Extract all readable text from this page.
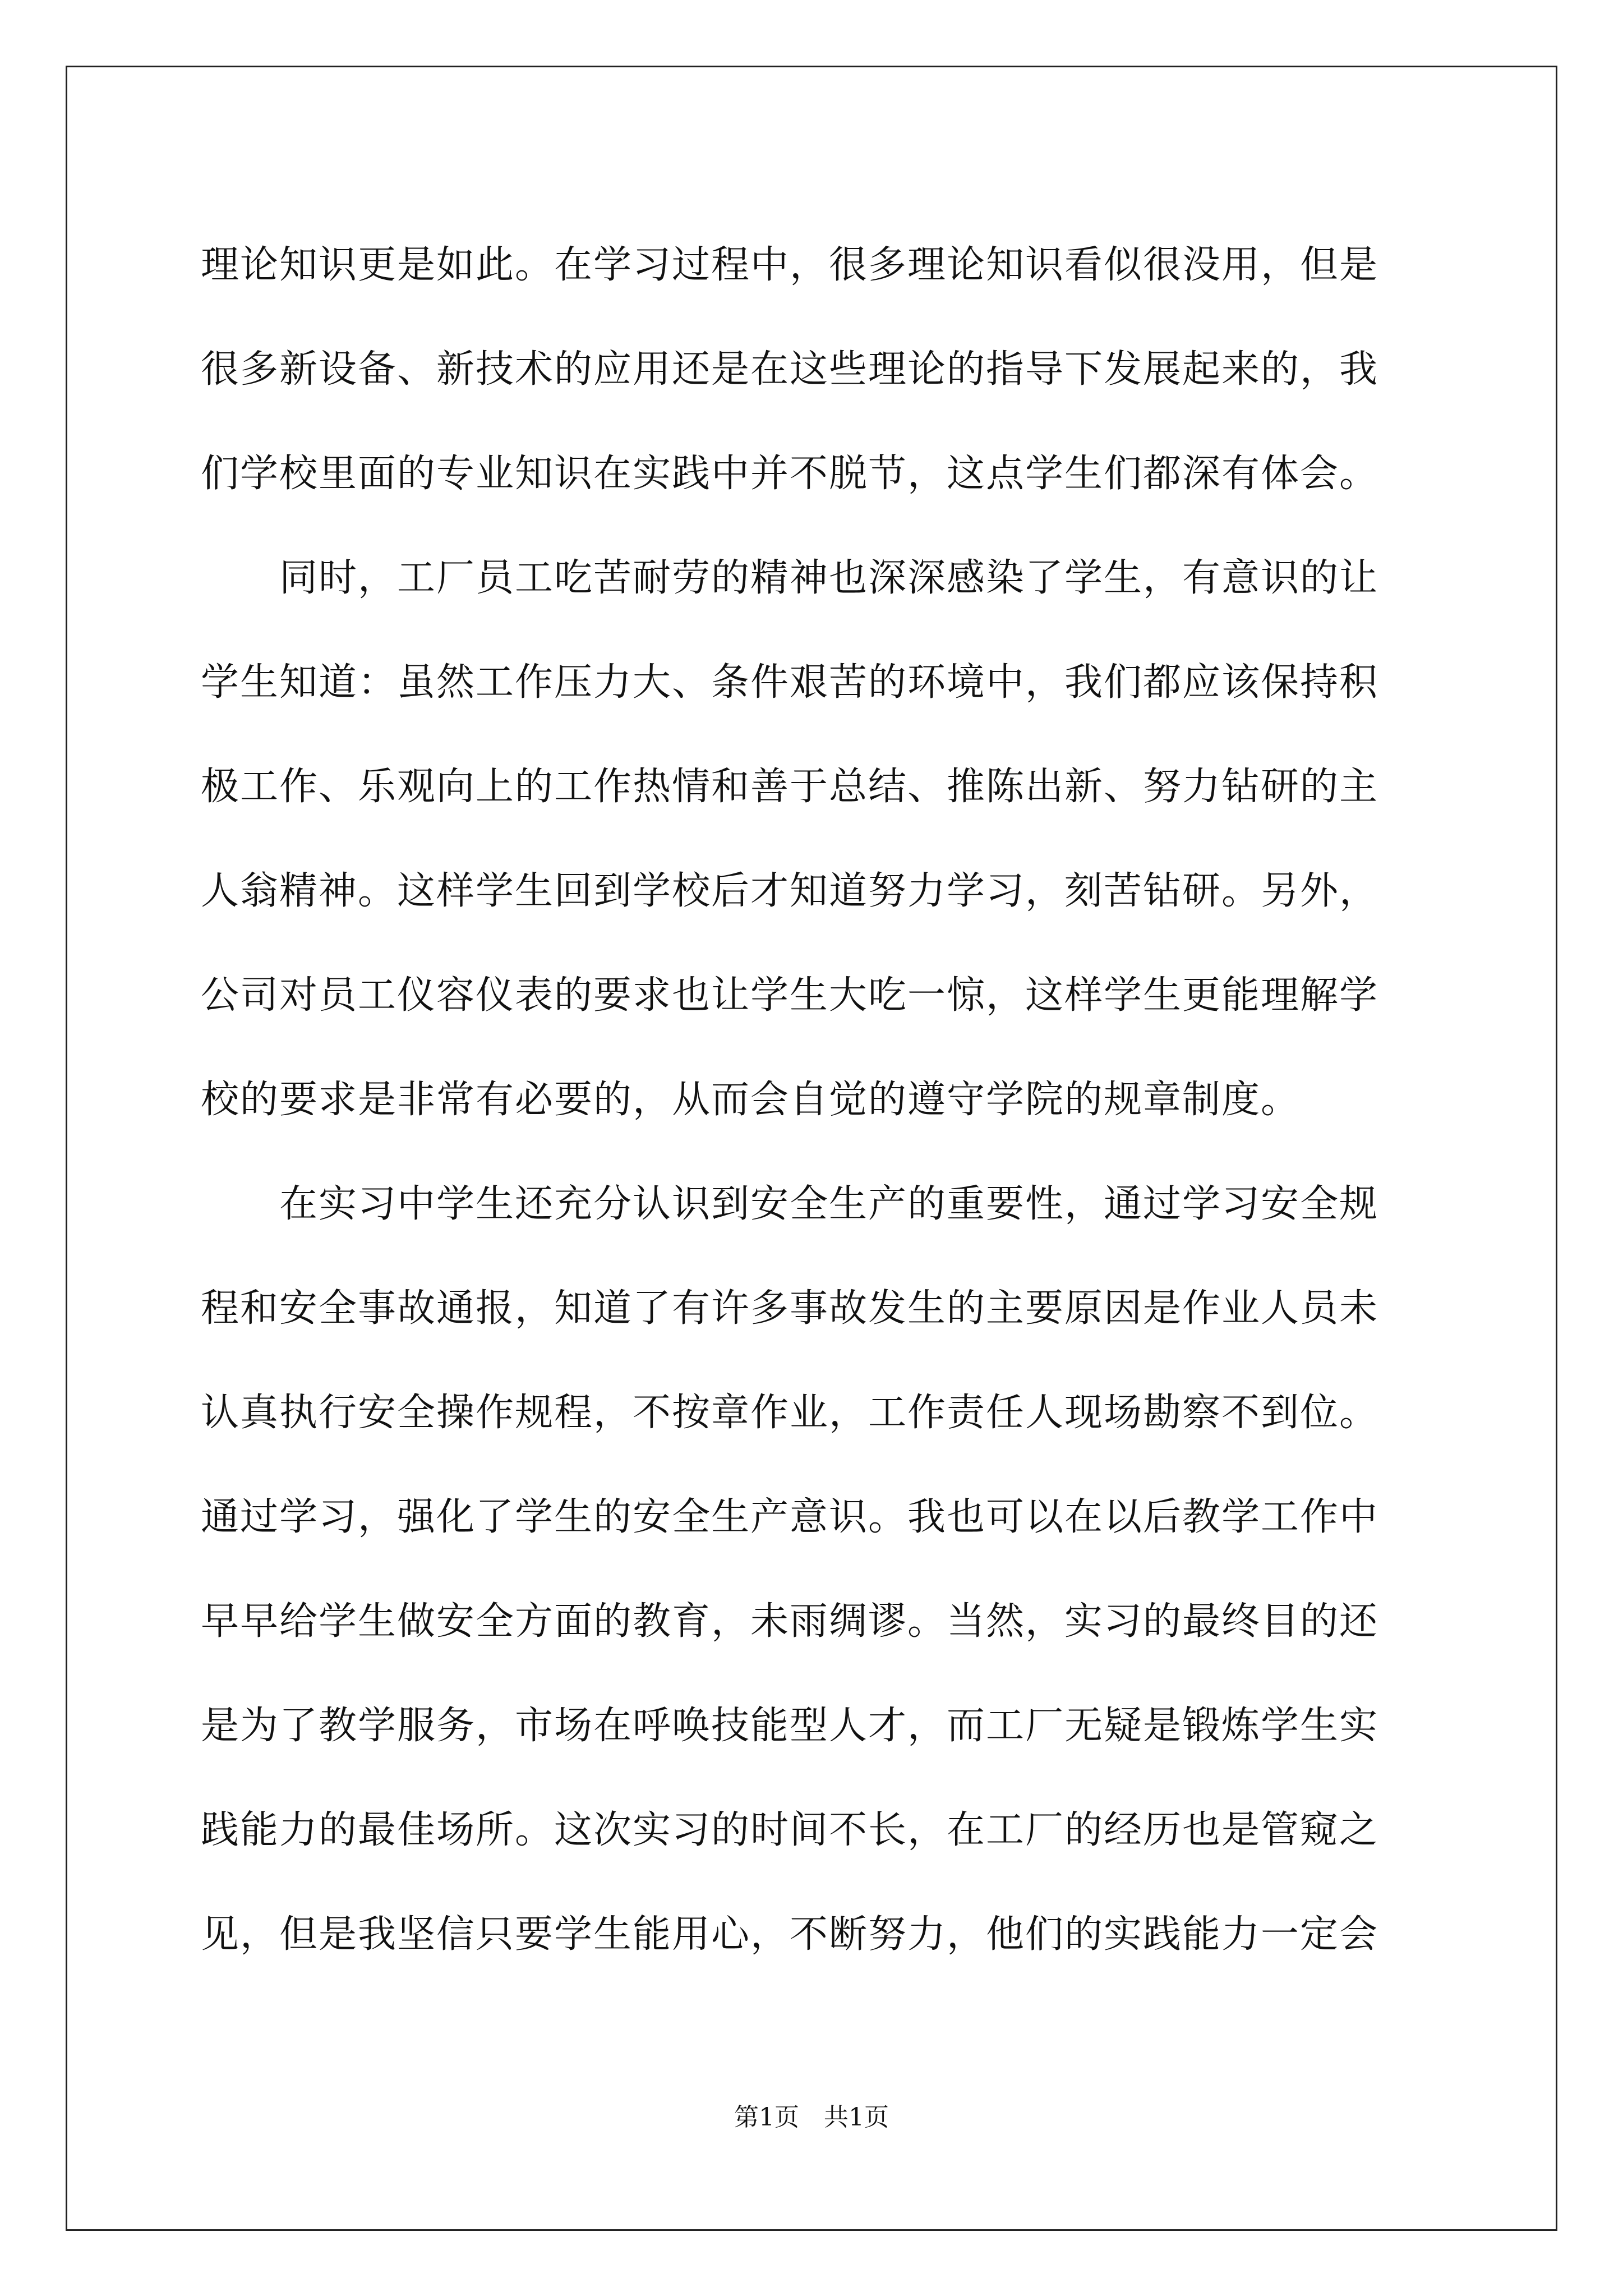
理论知识更是如此。在学习过程中，很多理论知识看似很没用，但是
很多新设备、新技术的应用还是在这些理论的指导下发展起来的，我
们学校里面的专业知识在实践中并不脱节，这点学生们都深有体会。
同时，工厂员工吃苦耐劳的精神也深深感染了学生，有意识的让
学生知道：虽然工作压力大、条件艰苦的环境中，我们都应该保持积
极工作、乐观向上的工作热情和善于总结、推陈出新、努力钻研的主
人翁精神。这样学生回到学校后才知道努力学习，刻苦钻研。另外，
公司对员工仪容仪表的要求也让学生大吃一惊，这样学生更能理解学
校的要求是非常有必要的，从而会自觉的遵守学院的规章制度。
在实习中学生还充分认识到安全生产的重要性，通过学习安全规
程和安全事故通报，知道了有许多事故发生的主要原因是作业人员未
认真执行安全操作规程，不按章作业，工作责任人现场勘察不到位。
通过学习，强化了学生的安全生产意识。我也可以在以后教学工作中
早早给学生做安全方面的教育，未雨绸谬。当然，实习的最终目的还
是为了教学服务，市场在呼唤技能型人才，而工厂无疑是锻炼学生实
践能力的最佳场所。这次实习的时间不长，在工厂的经历也是管窥之
见，但是我坚信只要学生能用心，不断努力，他们的实践能力一定会
第1页　共1页
